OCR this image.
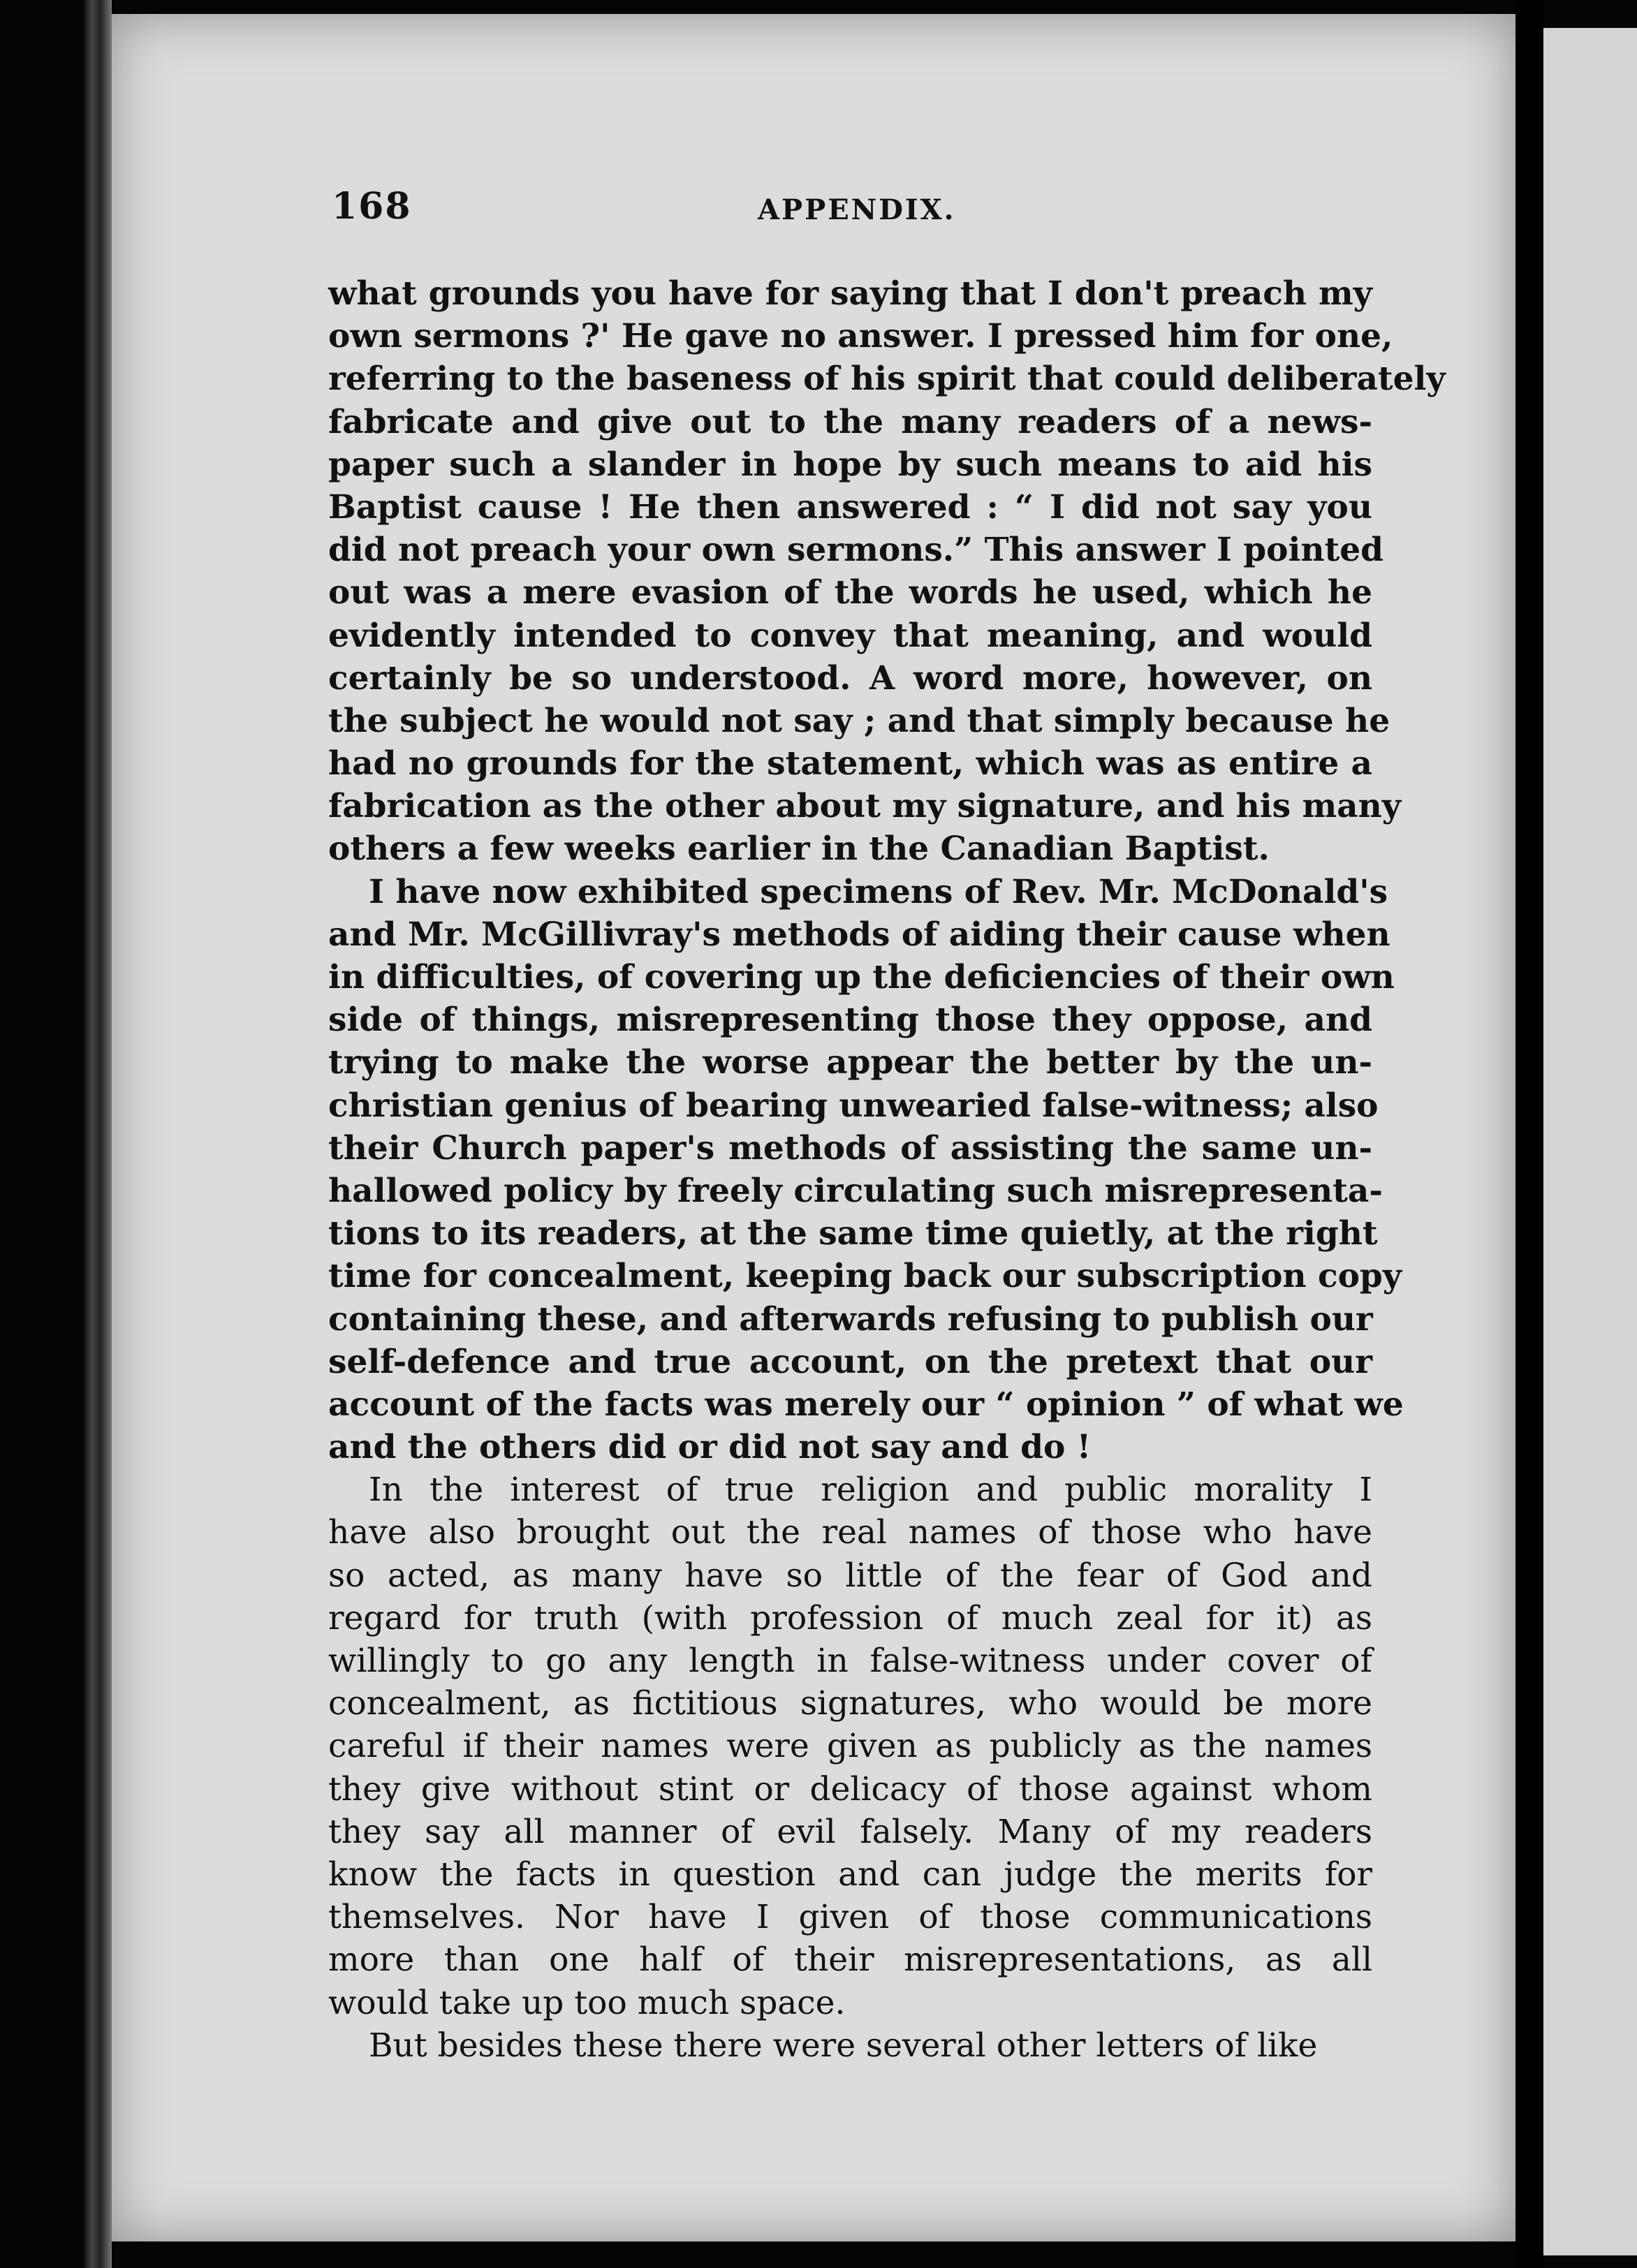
168	APPENDIX.
what grounds you have for saying that I don't preach my
own sermons ?' He gave no answer. I pressed him for one,
referring to the baseness of his spirit that could deliberately
fabricate and give out to the many readers of a news-
paper such a slander in hope by such means to aid his
Baptist cause ! He then answered : “ I did not say you
did not preach your own sermons.” This answer I pointed
out was a mere evasion of the words he used, which he
evidently intended to convey that meaning, and would
certainly be so understood. A word more, however, on
the subject he would not say ; and that simply because he
had no grounds for the statement, which was as entire a
fabrication as the other about my signature, and his many
others a few weeks earlier in the Canadian Baptist.
I have now exhibited specimens of Rev. Mr. McDonald's
and Mr. McGillivray's methods of aiding their cause when
in difficulties, of covering up the deficiencies of their own
side of things, misrepresenting those they oppose, and
trying to make the worse appear the better by the un-
christian genius of bearing unwearied false-witness; also
their Church paper's methods of assisting the same un-
hallowed policy by freely circulating such misrepresenta-
tions to its readers, at the same time quietly, at the right
time for concealment, keeping back our subscription copy
containing these, and afterwards refusing to publish our
self-defence and true account, on the pretext that our
account of the facts was merely our “ opinion ” of what we
and the others did or did not say and do !
In the interest of true religion and public morality I
have also brought out the real names of those who have
so acted, as many have so little of the fear of God and
regard for truth (with profession of much zeal for it) as
willingly to go any length in false-witness under cover of
concealment, as fictitious signatures, who would be more
careful if their names were given as publicly as the names
they give without stint or delicacy of those against whom
they say all manner of evil falsely. Many of my readers
know the facts in question and can judge the merits for
themselves. Nor have I given of those communications
more than one half of their misrepresentations, as all
would take up too much space.
But besides these there were several other letters of like
